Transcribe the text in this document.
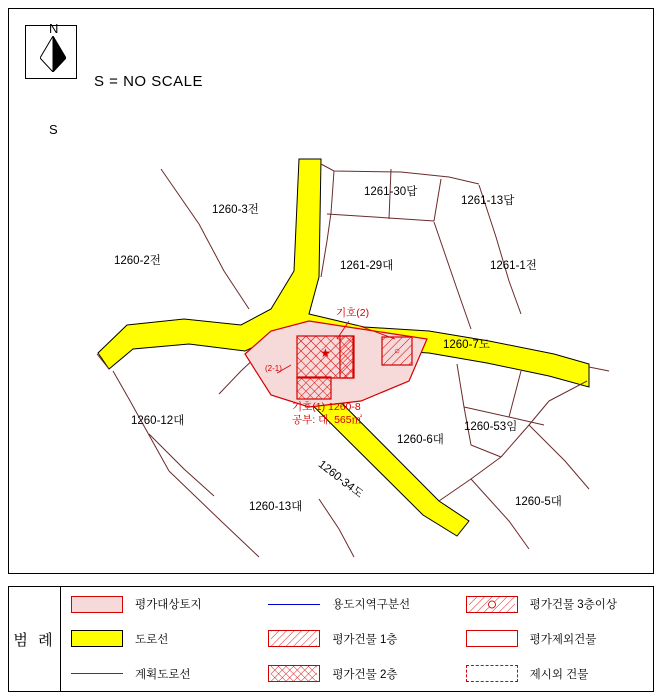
N
S
S = NO SCALE
★	○
1260-3전
1261-30답
1261-13답
1260-2전	1261-29대	1261-1전
1260-7도
1260-12대
1260-6대
1260-53임
1260-34도
1260-13대	1260-5대
기호(2)
(2-1)
기호(1) 1260-8
공부: 대, 565㎡
범 례
평가대상토지	용도지역구분선	평가건물 3층이상
도로선	평가건물 1층	평가제외건물
계획도로선	평가건물 2층	제시외 건물
